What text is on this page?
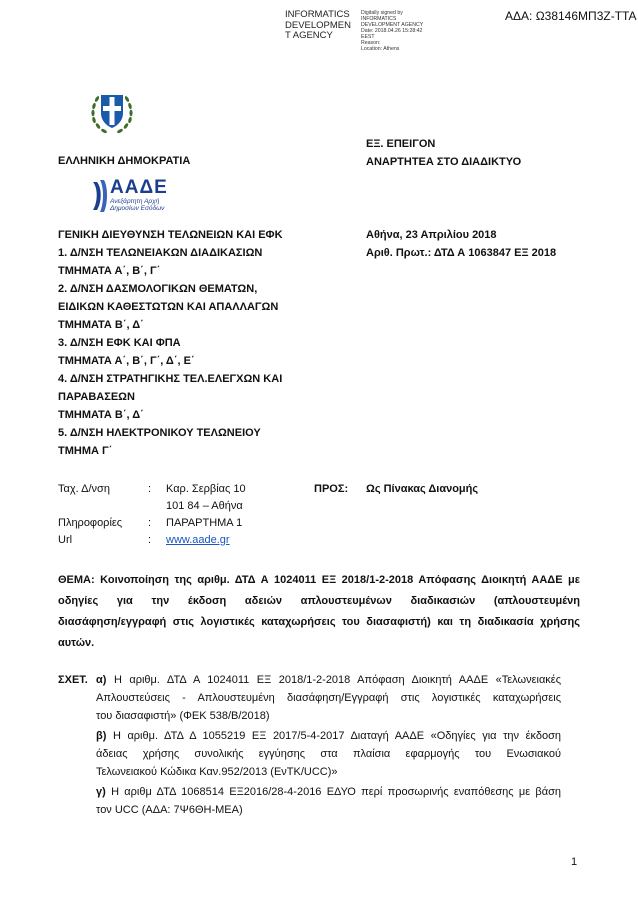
ΑΔΑ: Ω38146ΜΠ3Ζ-ΤΤΑ
INFORMATICS
DEVELOPMEN
T AGENCY
Digitally signed by
INFORMATICS
DEVELOPMENT AGENCY
Date: 2018.04.26 15:28:42
EEST
Reason:
Location: Athens
ΕΛΛΗΝΙΚΗ ΔΗΜΟΚΡΑΤΙΑ
ΕΞ. ΕΠΕΙΓΟΝ
ΑΝΑΡΤΗΤΕΑ ΣΤΟ ΔΙΑΔΙΚΤΥΟ
ΑΑΔΕ
Ανεξάρτητη Αρχή
Δημοσίων Εσόδων
ΓΕΝΙΚΗ ΔΙΕΥΘΥΝΣΗ ΤΕΛΩΝΕΙΩΝ ΚΑΙ ΕΦΚ
1. Δ/ΝΣΗ ΤΕΛΩΝΕΙΑΚΩΝ ΔΙΑΔΙΚΑΣΙΩΝ
ΤΜΗΜΑΤΑ Α΄, Β΄, Γ΄
2. Δ/ΝΣΗ ΔΑΣΜΟΛΟΓΙΚΩΝ ΘΕΜΑΤΩΝ,
ΕΙΔΙΚΩΝ ΚΑΘΕΣΤΩΤΩΝ ΚΑΙ ΑΠΑΛΛΑΓΩΝ
ΤΜΗΜΑΤΑ Β΄, Δ΄
3. Δ/ΝΣΗ ΕΦΚ ΚΑΙ ΦΠΑ
ΤΜΗΜΑΤΑ Α΄, Β΄, Γ΄, Δ΄, Ε΄
4. Δ/ΝΣΗ ΣΤΡΑΤΗΓΙΚΗΣ ΤΕΛ.ΕΛΕΓΧΩΝ ΚΑΙ
ΠΑΡΑΒΑΣΕΩΝ
ΤΜΗΜΑΤΑ Β΄, Δ΄
5. Δ/ΝΣΗ ΗΛΕΚΤΡΟΝΙΚΟΥ ΤΕΛΩΝΕΙΟΥ
ΤΜΗΜΑ Γ΄
Αθήνα, 23 Απριλίου 2018
Αριθ. Πρωτ.: ΔΤΔ Α 1063847 ΕΞ 2018
Ταχ. Δ/νση	: Καρ. Σερβίας 10
101 84 – Αθήνα
Πληροφορίες : ΠΑΡΑΡΤΗΜΑ 1
Url	: www.aade.gr
ΠΡΟΣ: Ως Πίνακας Διανομής
ΘΕΜΑ: Κοινοποίηση της αριθμ. ΔΤΔ Α 1024011 ΕΞ 2018/1-2-2018 Απόφασης Διοικητή ΑΑΔΕ με
οδηγίες για την έκδοση αδειών απλουστευμένων διαδικασιών (απλουστευμένη
διασάφηση/εγγραφή στις λογιστικές καταχωρήσεις του διασαφιστή) και τη διαδικασία χρήσης
αυτών.
ΣΧΕΤ. α) Η αριθμ. ΔΤΔ Α 1024011 ΕΞ 2018/1-2-2018 Απόφαση Διοικητή ΑΑΔΕ «Τελωνειακές
Απλουστεύσεις - Απλουστευμένη διασάφηση/Εγγραφή στις λογιστικές καταχωρήσεις
του διασαφιστή» (ΦΕΚ 538/Β/2018)
β) Η αριθμ. ΔΤΔ Δ 1055219 ΕΞ 2017/5-4-2017 Διαταγή ΑΑΔΕ «Οδηγίες για την έκδοση
άδειας χρήσης συνολικής εγγύησης στα πλαίσια εφαρμογής του Ενωσιακού
Τελωνειακού Κώδικα Καν.952/2013 (ΕνΤΚ/UCC)»
γ) Η αριθμ ΔΤΔ 1068514 ΕΞ2016/28-4-2016 ΕΔΥΟ περί προσωρινής εναπόθεσης με βάση
τον UCC (ΑΔΑ: 7Ψ6ΘΗ-ΜΕΑ)
1
